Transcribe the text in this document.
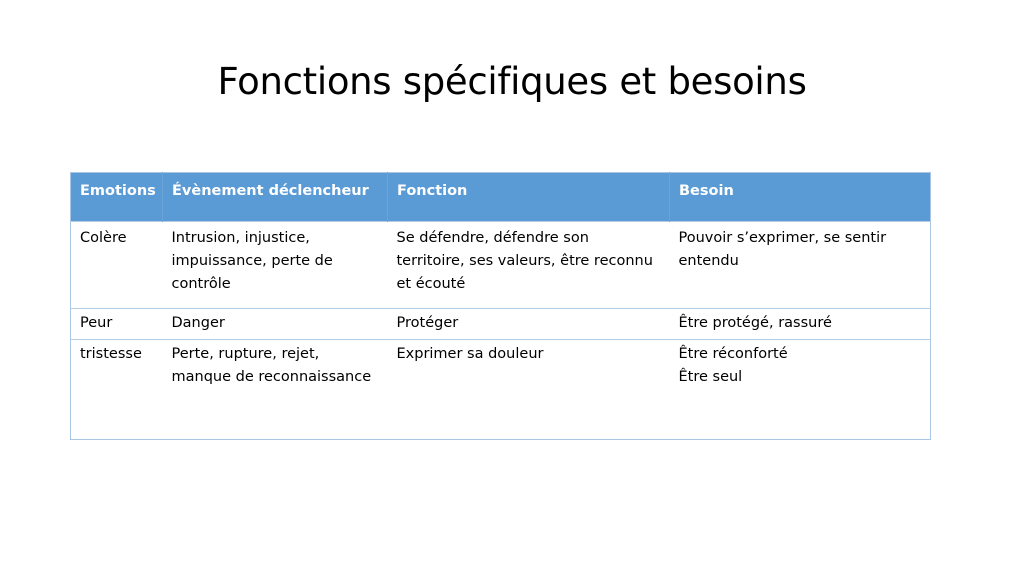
Fonctions spécifiques et besoins
Emotions	Évènement déclencheur	Fonction	Besoin
Colère	Intrusion, injustice, impuissance, perte de contrôle	Se défendre, défendre son territoire, ses valeurs, être reconnu et écouté	Pouvoir s’exprimer, se sentir entendu

Peur	Danger	Protéger	Être protégé, rassuré

tristesse	Perte, rupture, rejet, manque de reconnaissance	Exprimer sa douleur	Être réconforté
Être seul
